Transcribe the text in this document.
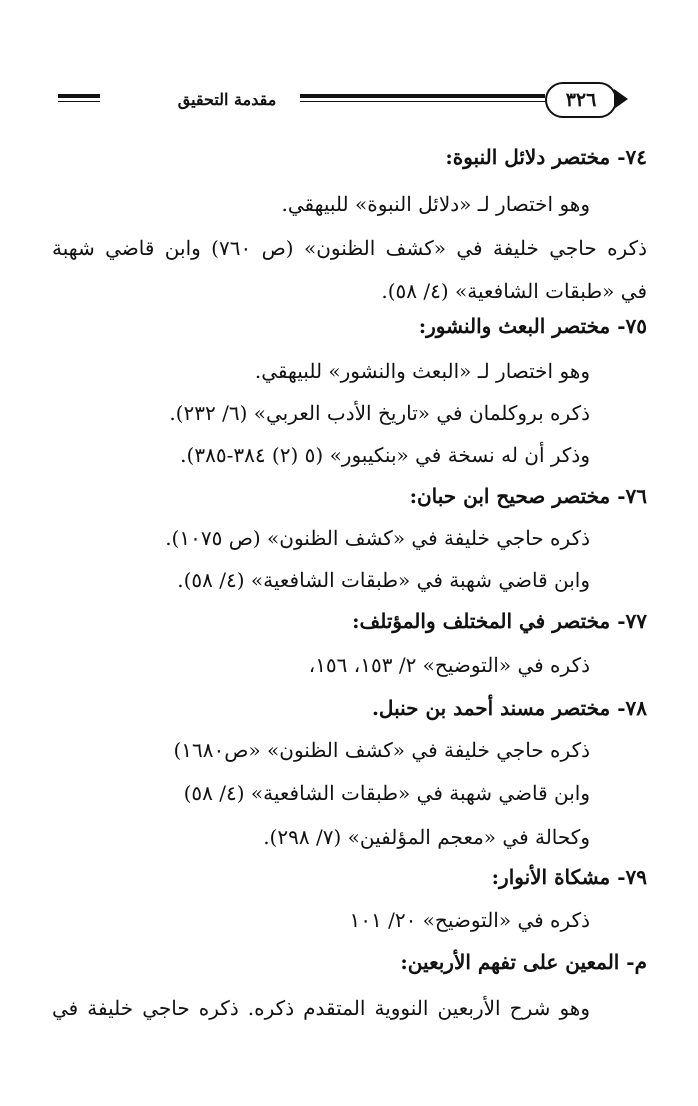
مقدمة التحقيق	٣٢٦
٧٤- مختصر دلائل النبوة:
وهو اختصار لـ «دلائل النبوة» للبيهقي.
ذكره حاجي خليفة في «كشف الظنون» (ص ٧٦٠) وابن قاضي شهبة
في «طبقات الشافعية» (٤/ ٥٨).
٧٥- مختصر البعث والنشور:
وهو اختصار لـ «البعث والنشور» للبيهقي.
ذكره بروكلمان في «تاريخ الأدب العربي» (٦/ ٢٣٢).
وذكر أن له نسخة في «بنكيبور» (٥ (٢) ٣٨٤-٣٨٥).
٧٦- مختصر صحيح ابن حبان:
ذكره حاجي خليفة في «كشف الظنون» (ص ١٠٧٥).
وابن قاضي شهبة في «طبقات الشافعية» (٤/ ٥٨).
٧٧- مختصر في المختلف والمؤتلف:
ذكره في «التوضيح» ٢/ ١٥٣، ١٥٦،
٧٨- مختصر مسند أحمد بن حنبل.
ذكره حاجي خليفة في «كشف الظنون» «ص١٦٨٠)
وابن قاضي شهبة في «طبقات الشافعية» (٤/ ٥٨)
وكحالة في «معجم المؤلفين» (٧/ ٢٩٨).
٧٩- مشكاة الأنوار:
ذكره في «التوضيح» ٢٠/ ١٠١
م- المعين على تفهم الأربعين:
وهو شرح الأربعين النووية المتقدم ذكره. ذكره حاجي خليفة في
